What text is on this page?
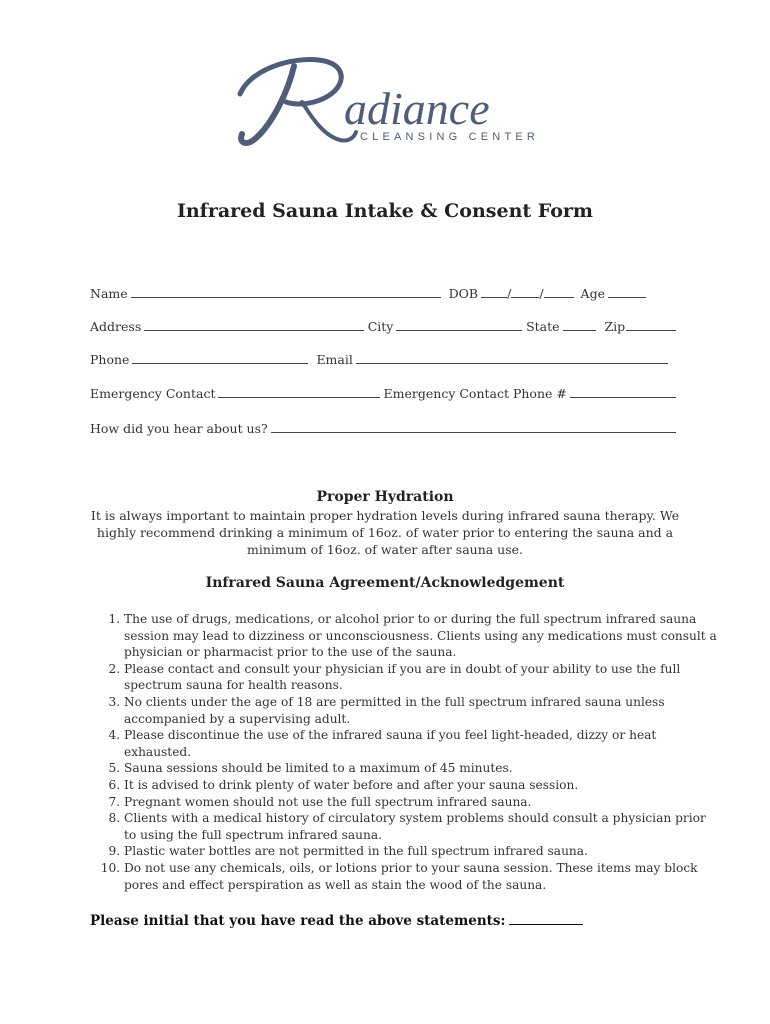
adiance
CLEANSING CENTER
Infrared Sauna Intake & Consent Form
Name	DOB / /	Age
Address	City	State	Zip
Phone	Email
Emergency Contact	Emergency Contact Phone #
How did you hear about us?
Proper Hydration
It is always important to maintain proper hydration levels during infrared sauna therapy. We highly recommend drinking a minimum of 16oz. of water prior to entering the sauna and a minimum of 16oz. of water after sauna use.
Infrared Sauna Agreement/Acknowledgement
1. The use of drugs, medications, or alcohol prior to or during the full spectrum infrared sauna session may lead to dizziness or unconsciousness. Clients using any medications must consult a physician or pharmacist prior to the use of the sauna.
2. Please contact and consult your physician if you are in doubt of your ability to use the full spectrum sauna for health reasons.
3. No clients under the age of 18 are permitted in the full spectrum infrared sauna unless accompanied by a supervising adult.
4. Please discontinue the use of the infrared sauna if you feel light-headed, dizzy or heat exhausted.
5. Sauna sessions should be limited to a maximum of 45 minutes.
6. It is advised to drink plenty of water before and after your sauna session.
7. Pregnant women should not use the full spectrum infrared sauna.
8. Clients with a medical history of circulatory system problems should consult a physician prior to using the full spectrum infrared sauna.
9. Plastic water bottles are not permitted in the full spectrum infrared sauna.
10. Do not use any chemicals, oils, or lotions prior to your sauna session. These items may block pores and effect perspiration as well as stain the wood of the sauna.
Please initial that you have read the above statements:
